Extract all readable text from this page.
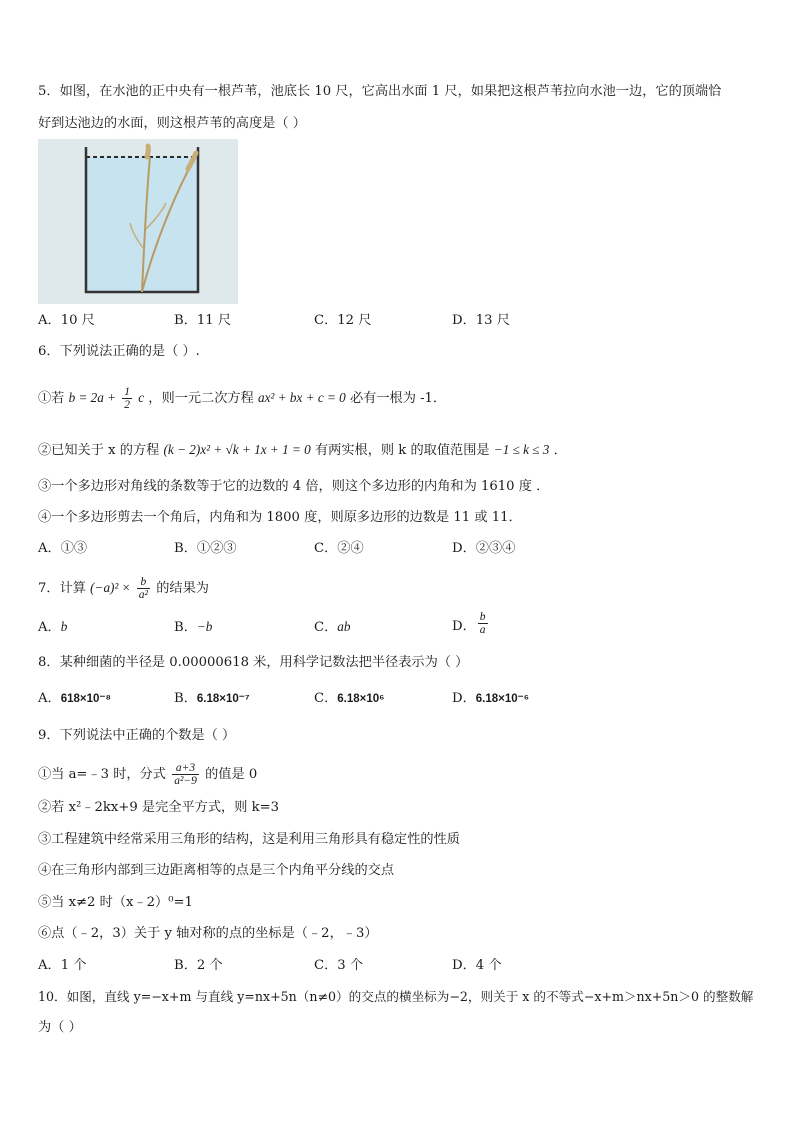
5．如图，在水池的正中央有一根芦苇，池底长 10 尺，它高出水面 1 尺，如果把这根芦苇拉向水池一边，它的顶端恰
好到达池边的水面，则这根芦苇的高度是（ ）
A．10 尺	B．11 尺	C．12 尺	D．13 尺
6．下列说法正确的是（ ）.
①若 $b = 2a + \frac{1}{2}$ c ，则一元二次方程 ax² + bx + c = 0 必有一根为 -1．
②已知关于 x 的方程 (k − 2)x² + √k + 1x + 1 = 0 有两实根，则 k 的取值范围是 −1 ≤ k ≤ 3 ．
③一个多边形对角线的条数等于它的边数的 4 倍，则这个多边形的内角和为 1610 度 ．
④一个多边形剪去一个角后，内角和为 1800 度，则原多边形的边数是 11 或 11．
A．①③	B．①②③	C．②④	D．②③④
7．计算 $(-a)^2 \times \frac{b}{\text{a²}}$ 的结果为
A．b	B．−b	C．ab	D． $\frac{b}{a}$
8．某种细菌的半径是 0.00000618 米，用科学记数法把半径表示为（ ）
A．618×10⁻⁸	B．6.18×10⁻⁷	C．6.18×10⁶	D．6.18×10⁻⁶
9．下列说法中正确的个数是（ ）
①当 a=﹣3 时，分式 $\frac{a+3}{\text{a²−9}}$ 的值是 0
②若 x²﹣2kx+9 是完全平方式，则 k=3
③工程建筑中经常采用三角形的结构，这是利用三角形具有稳定性的性质
④在三角形内部到三边距离相等的点是三个内角平分线的交点
⑤当 x≠2 时（x﹣2）⁰=1
⑥点（﹣2，3）关于 y 轴对称的点的坐标是（﹣2，﹣3）
A．1 个	B．2 个	C．3 个	D．4 个
10．如图，直线 y=−x+m 与直线 y=nx+5n（n≠0）的交点的横坐标为−2，则关于 x 的不等式−x+m＞nx+5n＞0 的整数解
为（ ）
